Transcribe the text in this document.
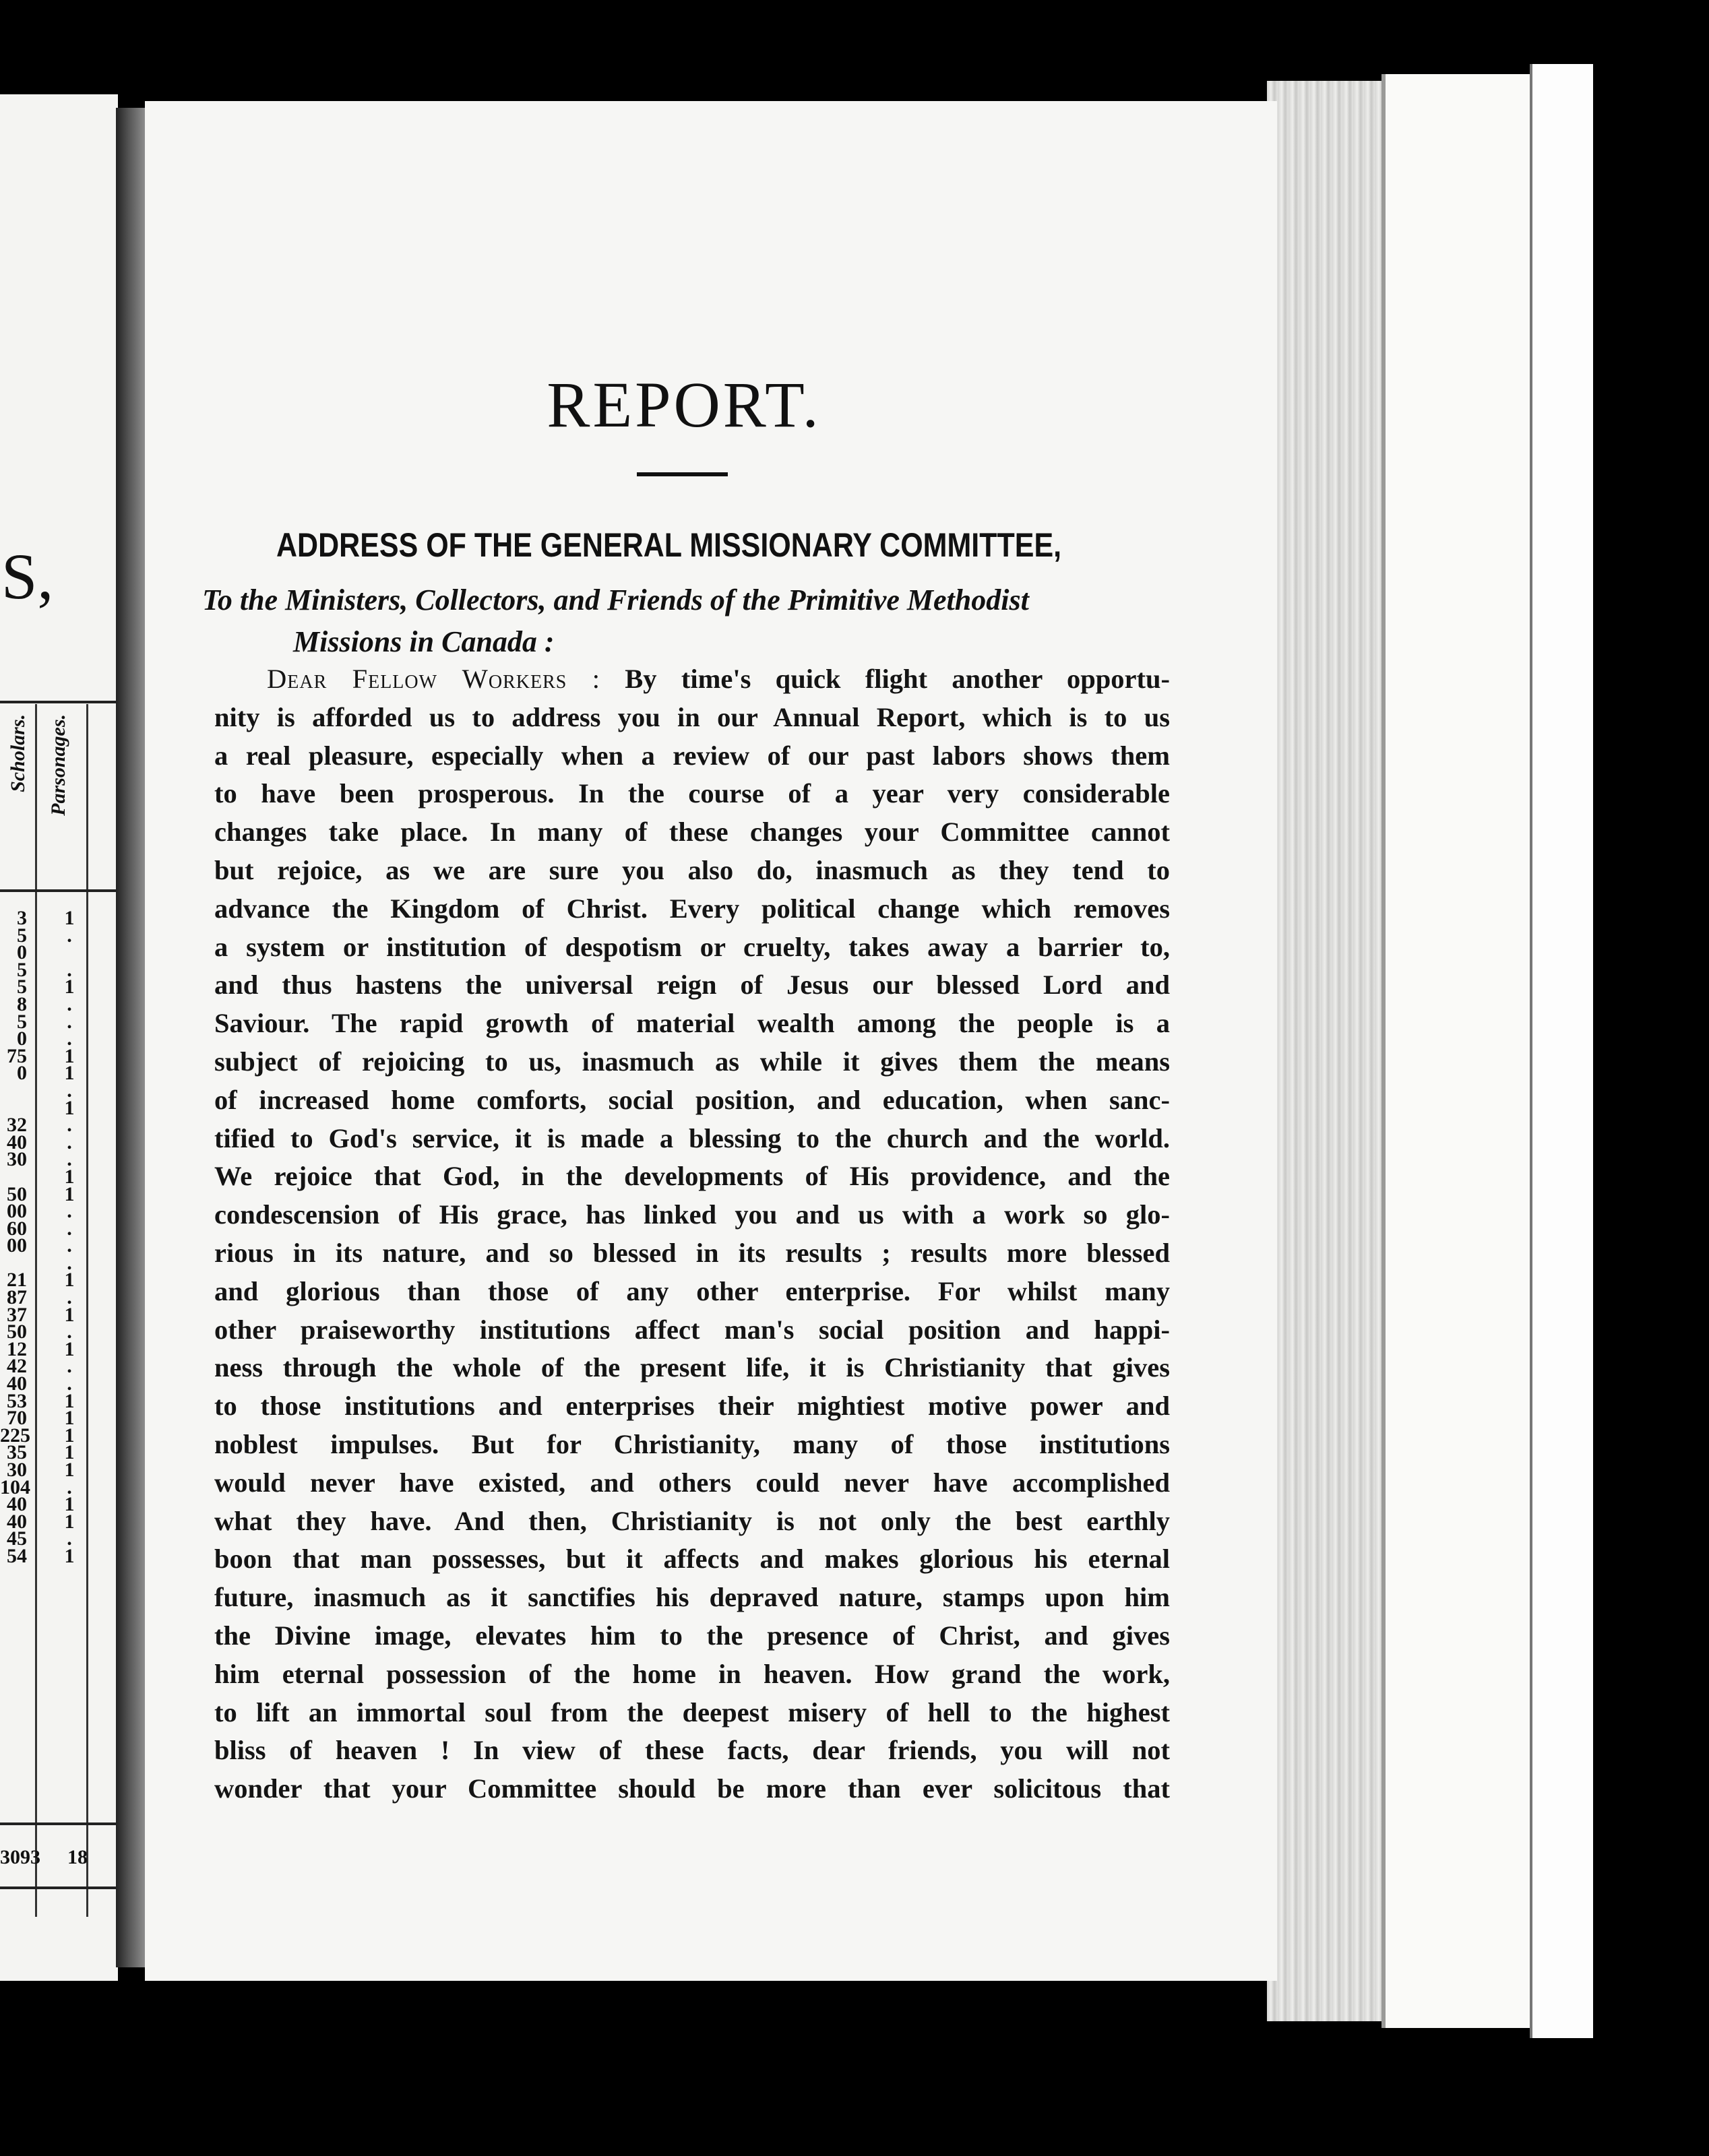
S,
Scholars. Parsonages.
3
5
0
5
5
8
5
0
75
0
32
40
30
50
00
60
00
21
87
37
50
12
42
40
53
70
225
35
30
104
40
40
45
54
1
.
.
1
.
.
.
1
1
.
1
.
.
.
1
1
.
.
.
.
1
.
1
.
1
.
.
1
1
1
1
1
.
1
1
.
1
3093 18
REPORT.
ADDRESS OF THE GENERAL MISSIONARY COMMITTEE,
To the Ministers, Collectors, and Friends of the Primitive Methodist
Missions in Canada :
Dear Fellow Workers : By time's quick flight another opportu-
nity is afforded us to address you in our Annual Report, which is to us
a real pleasure, especially when a review of our past labors shows them
to have been prosperous. In the course of a year very considerable
changes take place. In many of these changes your Committee cannot
but rejoice, as we are sure you also do, inasmuch as they tend to
advance the Kingdom of Christ. Every political change which removes
a system or institution of despotism or cruelty, takes away a barrier to,
and thus hastens the universal reign of Jesus our blessed Lord and
Saviour. The rapid growth of material wealth among the people is a
subject of rejoicing to us, inasmuch as while it gives them the means
of increased home comforts, social position, and education, when sanc-
tified to God's service, it is made a blessing to the church and the world.
We rejoice that God, in the developments of His providence, and the
condescension of His grace, has linked you and us with a work so glo-
rious in its nature, and so blessed in its results ; results more blessed
and glorious than those of any other enterprise. For whilst many
other praiseworthy institutions affect man's social position and happi-
ness through the whole of the present life, it is Christianity that gives
to those institutions and enterprises their mightiest motive power and
noblest impulses. But for Christianity, many of those institutions
would never have existed, and others could never have accomplished
what they have. And then, Christianity is not only the best earthly
boon that man possesses, but it affects and makes glorious his eternal
future, inasmuch as it sanctifies his depraved nature, stamps upon him
the Divine image, elevates him to the presence of Christ, and gives
him eternal possession of the home in heaven. How grand the work,
to lift an immortal soul from the deepest misery of hell to the highest
bliss of heaven ! In view of these facts, dear friends, you will not
wonder that your Committee should be more than ever solicitous that
